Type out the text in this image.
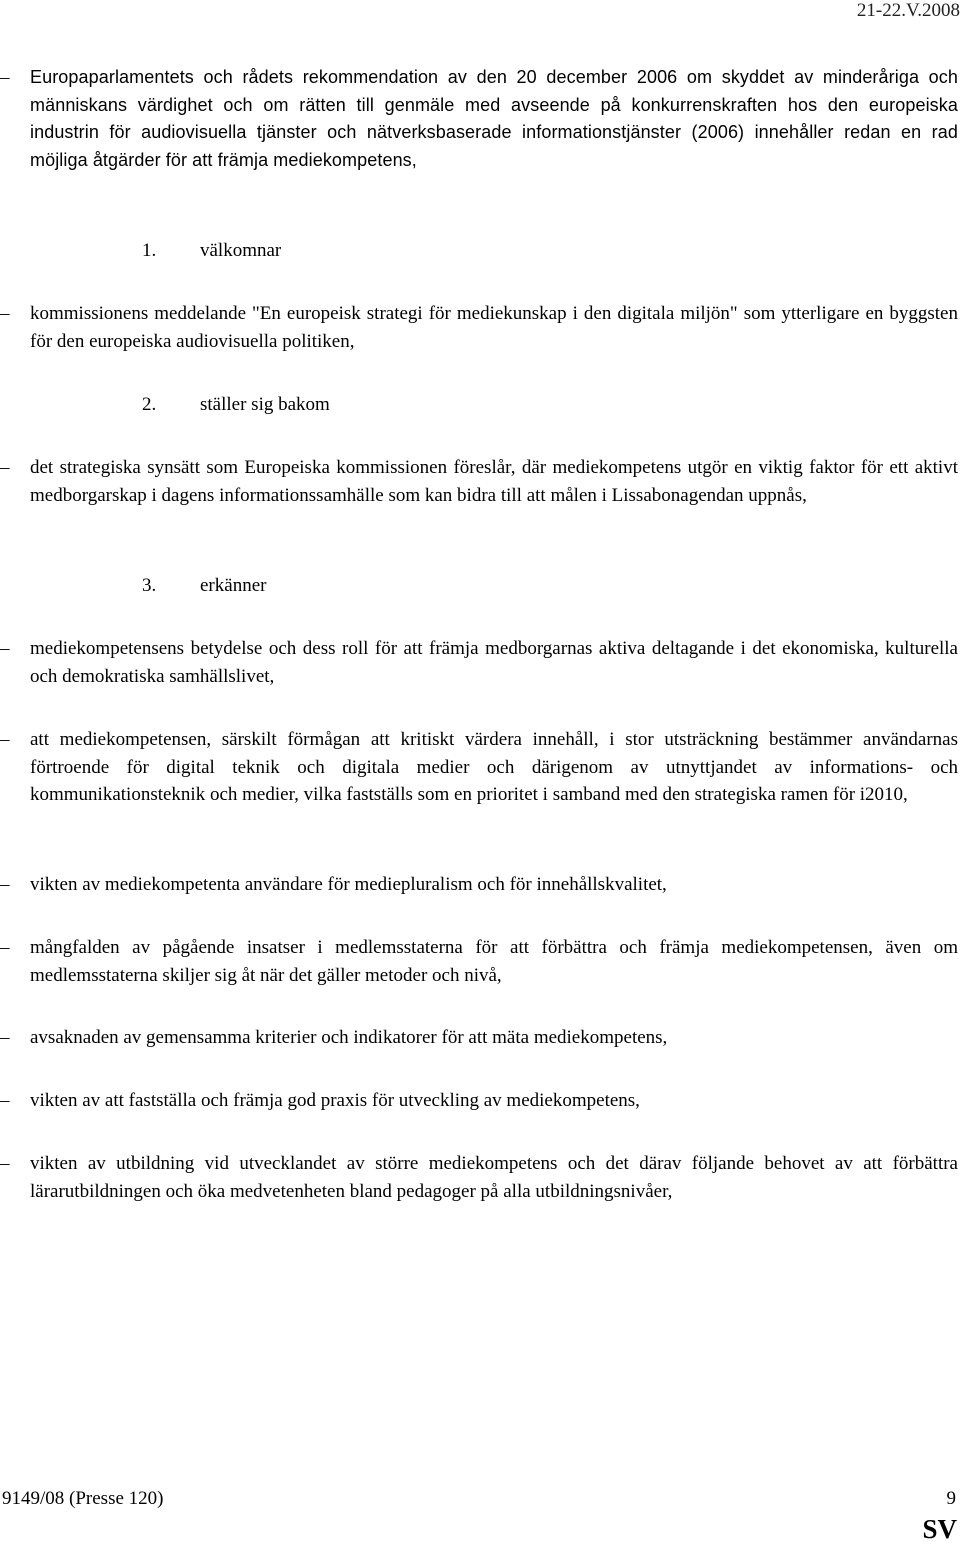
21-22.V.2008
–	Europaparlamentets och rådets rekommendation av den 20 december 2006 om skyddet av minderåriga och människans värdighet och om rätten till genmäle med avseende på konkurrenskraften hos den europeiska industrin för audiovisuella tjänster och nätverksbaserade informationstjänster (2006) innehåller redan en rad möjliga åtgärder för att främja mediekompetens,
1. välkomnar
–	kommissionens meddelande "En europeisk strategi för mediekunskap i den digitala miljön" som ytterligare en byggsten för den europeiska audiovisuella politiken,
2. ställer sig bakom
–	det strategiska synsätt som Europeiska kommissionen föreslår, där mediekompetens utgör en viktig faktor för ett aktivt medborgarskap i dagens informationssamhälle som kan bidra till att målen i Lissabonagendan uppnås,
3. erkänner
–	mediekompetensens betydelse och dess roll för att främja medborgarnas aktiva deltagande i det ekonomiska, kulturella och demokratiska samhällslivet,
–	att mediekompetensen, särskilt förmågan att kritiskt värdera innehåll, i stor utsträckning bestämmer användarnas förtroende för digital teknik och digitala medier och därigenom av utnyttjandet av informations- och kommunikationsteknik och medier, vilka fastställs som en prioritet i samband med den strategiska ramen för i2010,
–	vikten av mediekompetenta användare för mediepluralism och för innehållskvalitet,
–	mångfalden av pågående insatser i medlemsstaterna för att förbättra och främja mediekompetensen, även om medlemsstaterna skiljer sig åt när det gäller metoder och nivå,
–	avsaknaden av gemensamma kriterier och indikatorer för att mäta mediekompetens,
–	vikten av att fastställa och främja god praxis för utveckling av mediekompetens,
–	vikten av utbildning vid utvecklandet av större mediekompetens och det därav följande behovet av att förbättra lärarutbildningen och öka medvetenheten bland pedagoger på alla utbildningsnivåer,
9149/08 (Presse 120)	9
SV
